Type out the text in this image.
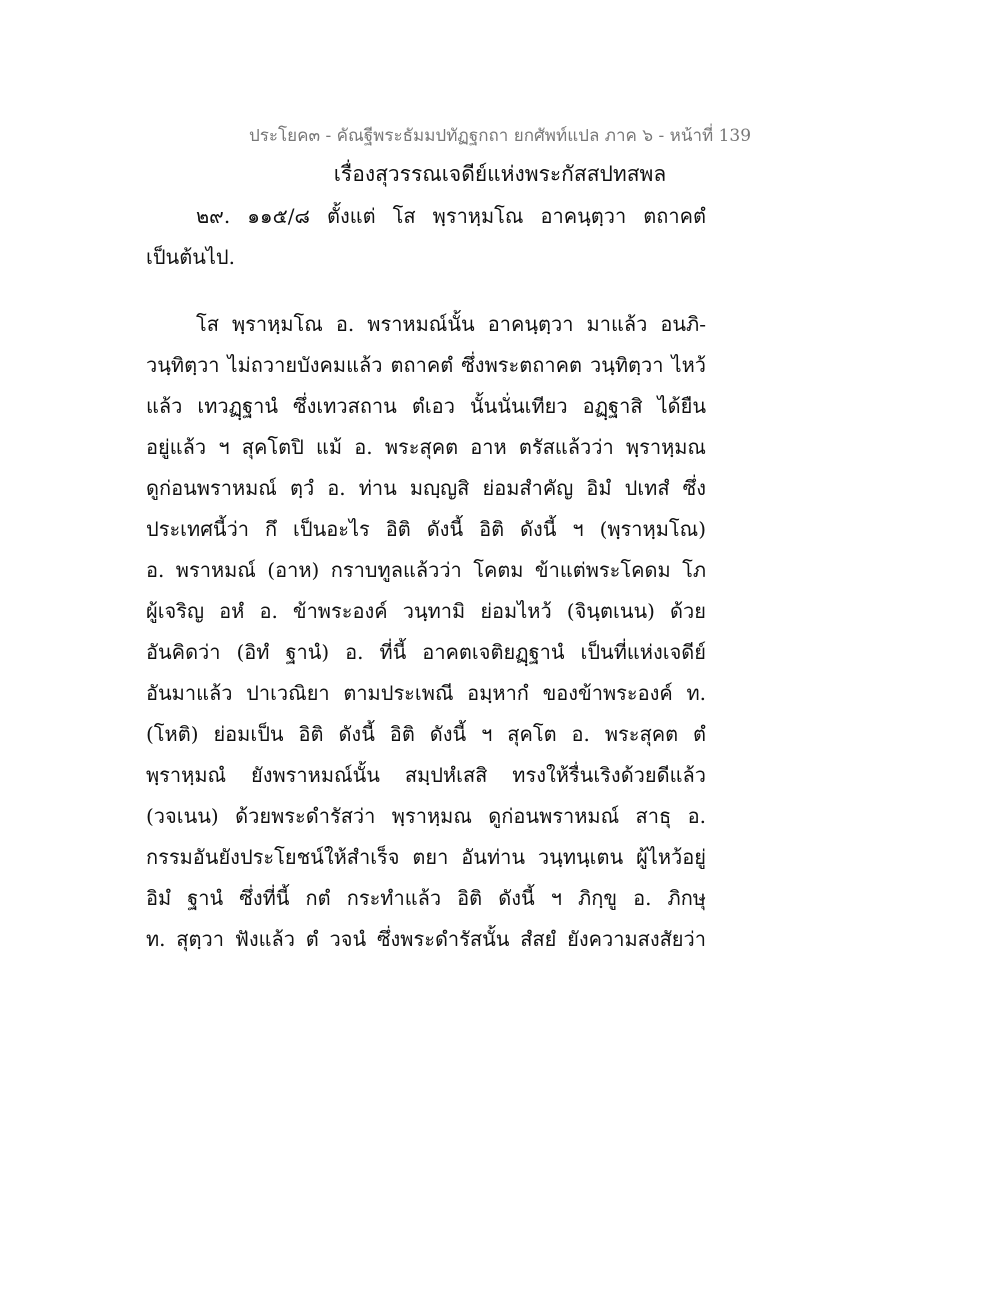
ประโยค๓ - คัณฐีพระธัมมปทัฏฐกถา ยกศัพท์แปล ภาค ๖ - หน้าที่ 139
เรื่องสุวรรณเจดีย์แห่งพระกัสสปทสพล
๒๙. ๑๑๕/๘ ตั้งแต่ โส พฺราหฺมโณ อาคนฺตฺวา ตถาคตํ
เป็นต้นไป.
โส พฺราหฺมโณ อ. พราหมณ์นั้น อาคนฺตฺวา มาแล้ว อนภิ-
วนฺทิตฺวา ไม่ถวายบังคมแล้ว ตถาคตํ ซึ่งพระตถาคต วนฺทิตฺวา ไหว้
แล้ว เทวฏฺฐานํ ซึ่งเทวสถาน ตํเอว นั้นนั่นเทียว อฏฺฐาสิ ได้ยืน
อยู่แล้ว ฯ สุคโตปิ แม้ อ. พระสุคต อาห ตรัสแล้วว่า พฺราหฺมณ
ดูก่อนพราหมณ์ ตฺวํ อ. ท่าน มญฺญสิ ย่อมสำคัญ อิมํ ปเทสํ ซึ่ง
ประเทศนี้ว่า กึ เป็นอะไร อิติ ดังนี้ อิติ ดังนี้ ฯ (พฺราหฺมโณ)
อ. พราหมณ์ (อาห) กราบทูลแล้วว่า โคตม ข้าแต่พระโคดม โภ
ผู้เจริญ อหํ อ. ข้าพระองค์ วนฺทามิ ย่อมไหว้ (จินฺตเนน) ด้วย
อันคิดว่า (อิทํ ฐานํ) อ. ที่นี้ อาคตเจติยฏฺฐานํ เป็นที่แห่งเจดีย์
อันมาแล้ว ปาเวณิยา ตามประเพณี อมฺหากํ ของข้าพระองค์ ท.
(โหติ) ย่อมเป็น อิติ ดังนี้ อิติ ดังนี้ ฯ สุคโต อ. พระสุคต ตํ
พฺราหฺมณํ ยังพราหมณ์นั้น สมฺปหํเสสิ ทรงให้รื่นเริงด้วยดีแล้ว
(วจเนน) ด้วยพระดำรัสว่า พฺราหฺมณ ดูก่อนพราหมณ์ สาธุ อ.
กรรมอันยังประโยชน์ให้สำเร็จ ตยา อันท่าน วนฺทนฺเตน ผู้ไหว้อยู่
อิมํ ฐานํ ซึ่งที่นี้ กตํ กระทำแล้ว อิติ ดังนี้ ฯ ภิกฺขู อ. ภิกษุ
ท. สุตฺวา ฟังแล้ว ตํ วจนํ ซึ่งพระดำรัสนั้น สํสยํ ยังความสงสัยว่า
